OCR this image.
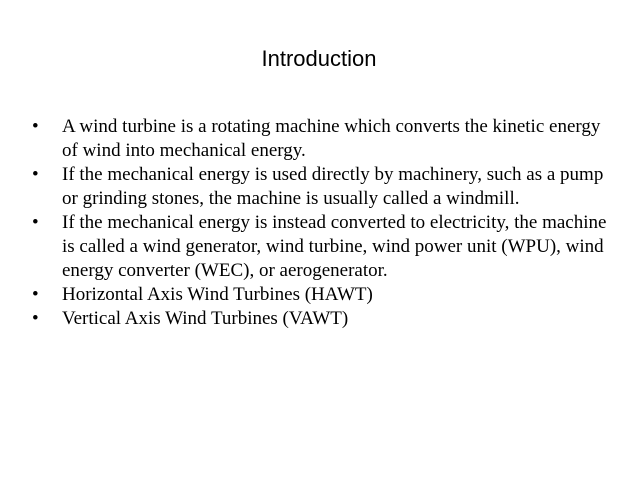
Introduction
•	A wind turbine is a rotating machine which converts the kinetic energy of wind into mechanical energy.
•	If the mechanical energy is used directly by machinery, such as a pump or grinding stones, the machine is usually called a windmill.
•	If the mechanical energy is instead converted to electricity, the machine is called a wind generator, wind turbine, wind power unit (WPU), wind energy converter (WEC), or aerogenerator.
•	Horizontal Axis Wind Turbines (HAWT)
•	Vertical Axis Wind Turbines (VAWT)
